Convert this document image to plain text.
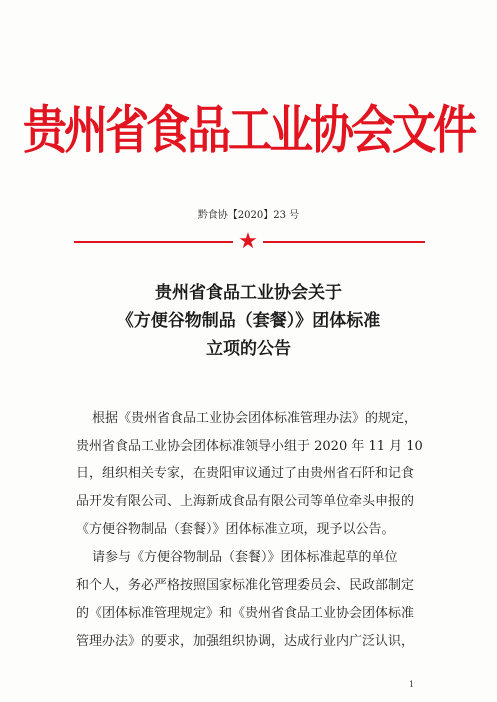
贵州省食品工业协会文件
黔食协【2020】23 号
★
贵州省食品工业协会关于
《方便谷物制品（套餐）》团体标准
立项的公告
根据《贵州省食品工业协会团体标准管理办法》的规定，
贵州省食品工业协会团体标准领导小组于 2020 年 11 月 10
日，组织相关专家，在贵阳审议通过了由贵州省石阡和记食
品开发有限公司、上海新成食品有限公司等单位牵头申报的
《方便谷物制品（套餐）》团体标准立项，现予以公告。
请参与《方便谷物制品（套餐）》团体标准起草的单位
和个人，务必严格按照国家标准化管理委员会、民政部制定
的《团体标准管理规定》和《贵州省食品工业协会团体标准
管理办法》的要求，加强组织协调，达成行业内广泛认识，
1
